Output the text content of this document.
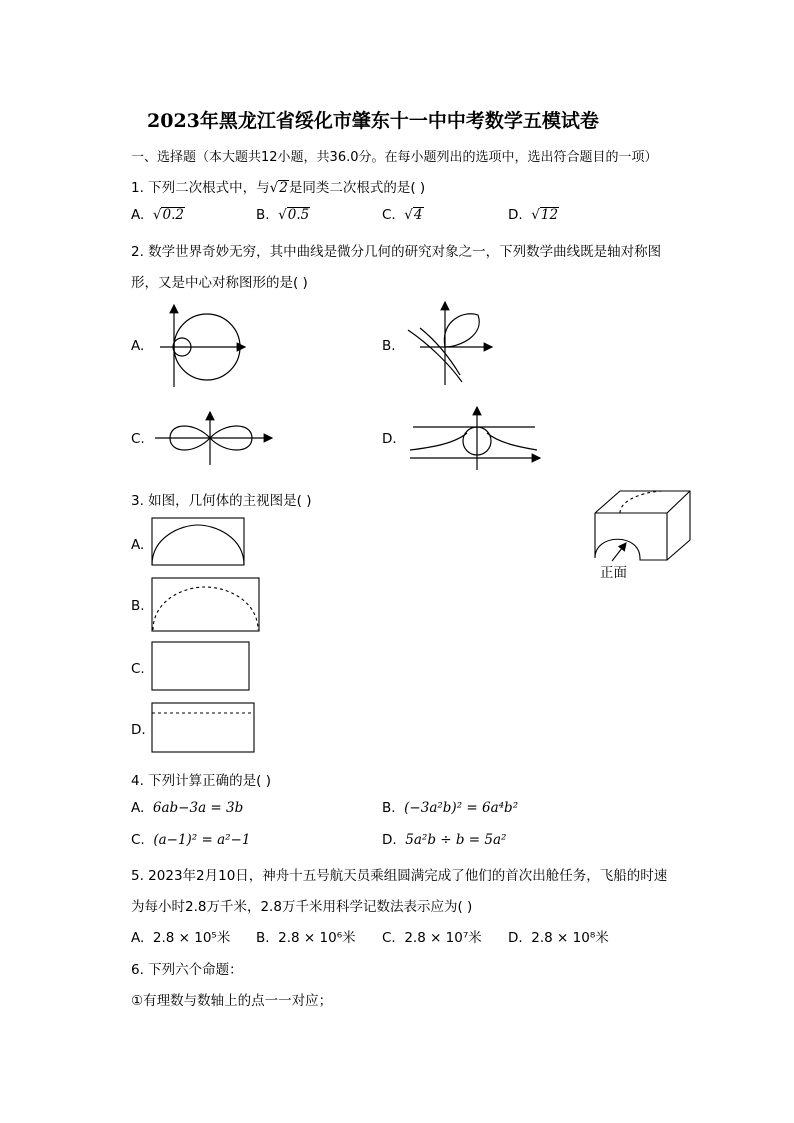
2023年黑龙江省绥化市肇东十一中中考数学五模试卷
一、选择题（本大题共12小题，共36.0分。在每小题列出的选项中，选出符合题目的一项）
1. 下列二次根式中，与√2是同类二次根式的是( )
A.  √0.2	B.  √0.5	C.  √4	D.  √12
2. 数学世界奇妙无穷，其中曲线是微分几何的研究对象之一，下列数学曲线既是轴对称图
形，又是中心对称图形的是( )
A.	B.
C.	D.
3. 如图，几何体的主视图是( )
正面
A.
B.
C.
D.
4. 下列计算正确的是( )
A. 6ab−3a = 3b	B. (−3a²b)² = 6a⁴b²
C. (a−1)² = a²−1	D. 5a²b ÷ b = 5a²
5. 2023年2月10日，神舟十五号航天员乘组圆满完成了他们的首次出舱任务，飞船的时速
为每小时2.8万千米，2.8万千米用科学记数法表示应为( )
A. 2.8 × 10⁵米 B. 2.8 × 10⁶米 C. 2.8 × 10⁷米 D. 2.8 × 10⁸米
6. 下列六个命题：
①有理数与数轴上的点一一对应；
